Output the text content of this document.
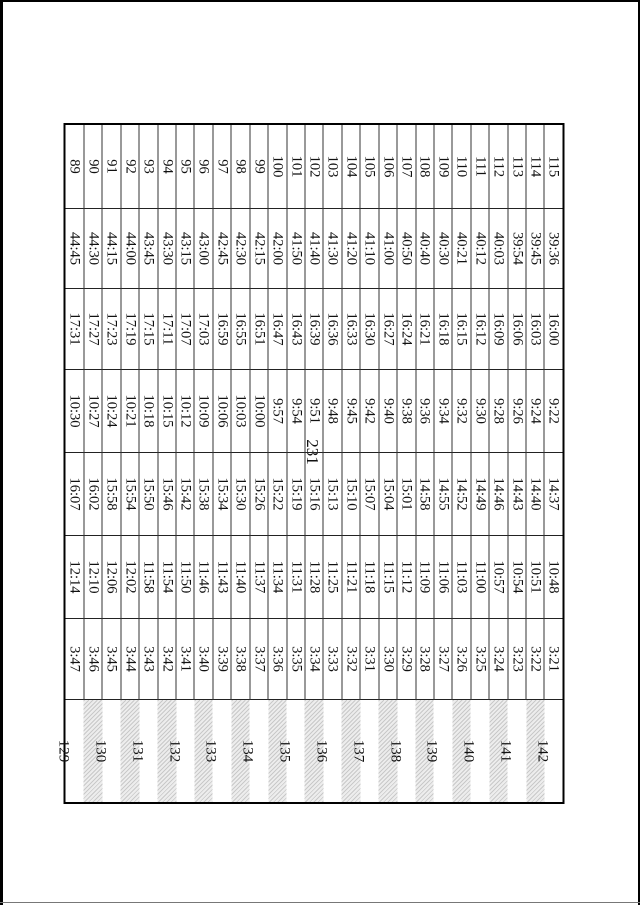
231
115	39:36	16:00	9:22	14:37	10:48	3:21	142
114	39:45	16:03	9:24	14:40	10:51	3:22	
113	39:54	16:06	9:26	14:43	10:54	3:23	141
112	40:03	16:09	9:28	14:46	10:57	3:24	
111	40:12	16:12	9:30	14:49	11:00	3:25	140
110	40:21	16:15	9:32	14:52	11:03	3:26	
109	40:30	16:18	9:34	14:55	11:06	3:27	139
108	40:40	16:21	9:36	14:58	11:09	3:28	
107	40:50	16:24	9:38	15:01	11:12	3:29	138
106	41:00	16:27	9:40	15:04	11:15	3:30	
105	41:10	16:30	9:42	15:07	11:18	3:31	137
104	41:20	16:33	9:45	15:10	11:21	3:32	
103	41:30	16:36	9:48	15:13	11:25	3:33	136
102	41:40	16:39	9:51	15:16	11:28	3:34	
101	41:50	16:43	9:54	15:19	11:31	3:35	135
100	42:00	16:47	9:57	15:22	11:34	3:36	
99	42:15	16:51	10:00	15:26	11:37	3:37	134
98	42:30	16:55	10:03	15:30	11:40	3:38	
97	42:45	16:59	10:06	15:34	11:43	3:39	133
96	43:00	17:03	10:09	15:38	11:46	3:40	
95	43:15	17:07	10:12	15:42	11:50	3:41	132
94	43:30	17:11	10:15	15:46	11:54	3:42	
93	43:45	17:15	10:18	15:50	11:58	3:43	131
92	44:00	17:19	10:21	15:54	12:02	3:44	
91	44:15	17:23	10:24	15:58	12:06	3:45	130
90	44:30	17:27	10:27	16:02	12:10	3:46	
89	44:45	17:31	10:30	16:07	12:14	3:47	129
